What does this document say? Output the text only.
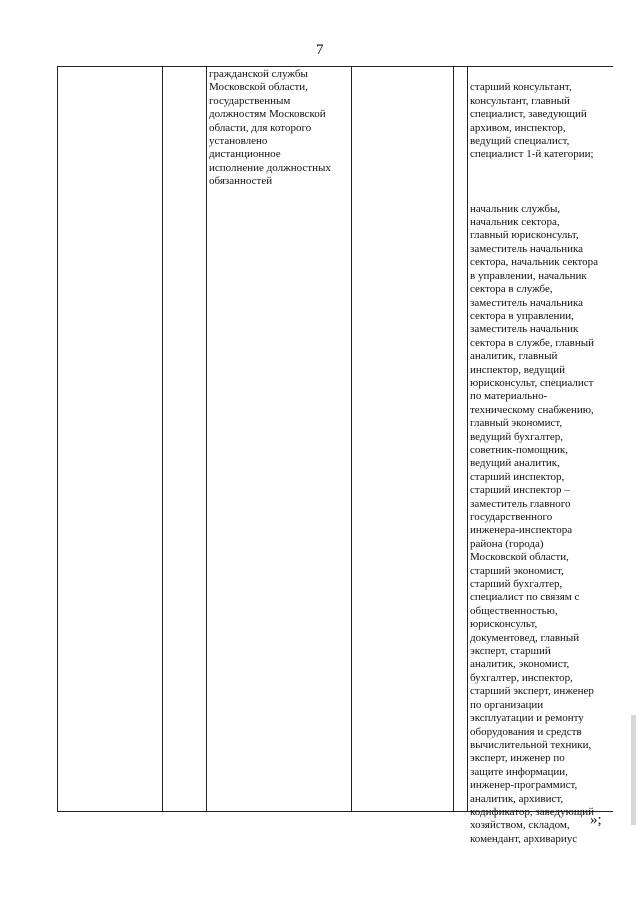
7

гражданской службы
Московской области,
государственным
должностям Московской
области, для которого
установлено
дистанционное
исполнение должностных
обязанностей

старший консультант,
консультант, главный
специалист, заведующий
архивом, инспектор,
ведущий специалист,
специалист 1-й категории;

начальник службы,
начальник сектора,
главный юрисконсульт,
заместитель начальника
сектора, начальник сектора
в управлении, начальник
сектора в службе,
заместитель начальника
сектора в управлении,
заместитель начальник
сектора в службе, главный
аналитик, главный
инспектор, ведущий
юрисконсульт, специалист
по материально-
техническому снабжению,
главный экономист,
ведущий бухгалтер,
советник-помощник,
ведущий аналитик,
старший инспектор,
старший инспектор –
заместитель главного
государственного
инженера-инспектора
района (города)
Московской области,
старший экономист,
старший бухгалтер,
специалист по связям с
общественностью,
юрисконсульт,
документовед, главный
эксперт, старший
аналитик, экономист,
бухгалтер, инспектор,
старший эксперт, инженер
по организации
эксплуатации и ремонту
оборудования и средств
вычислительной техники,
эксперт, инженер по
защите информации,
инженер-программист,
аналитик, архивист,
кодификатор, заведующий
хозяйством, складом,
комендант, архивариус

»;
